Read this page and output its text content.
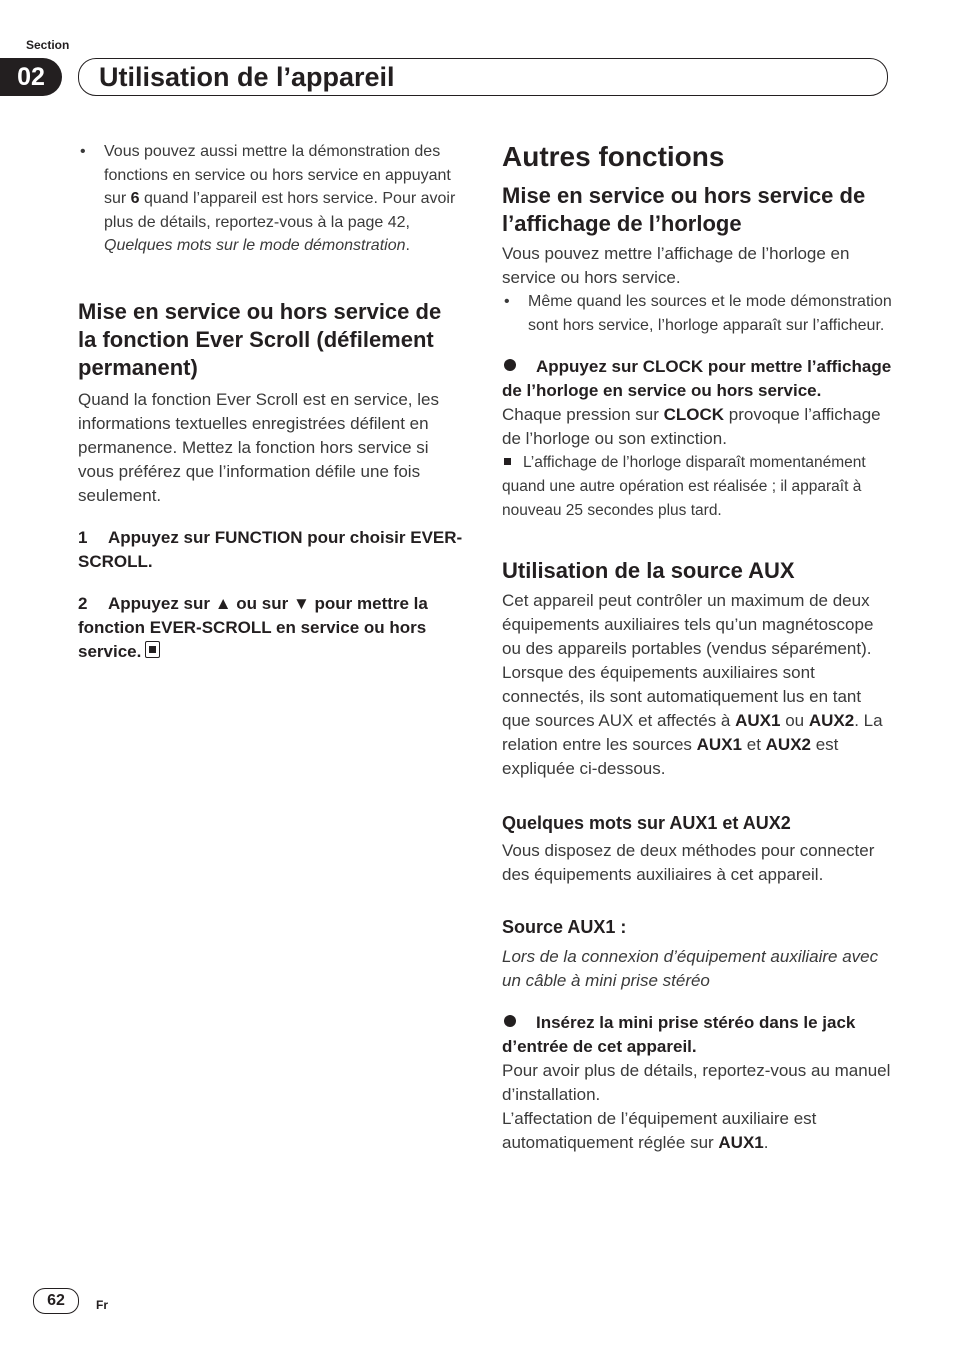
Section
02	Utilisation de l’appareil
• Vous pouvez aussi mettre la démonstration des fonctions en service ou hors service en appuyant sur 6 quand l’appareil est hors service. Pour avoir plus de détails, reportez-vous à la page 42, Quelques mots sur le mode démonstration.
Mise en service ou hors service de la fonction Ever Scroll (défilement permanent)

Quand la fonction Ever Scroll est en service, les informations textuelles enregistrées défilent en permanence. Mettez la fonction hors service si vous préférez que l’information défile une fois seulement.

1 Appuyez sur FUNCTION pour choisir EVER-SCROLL.
2 Appuyez sur ▲ ou sur ▼ pour mettre la fonction EVER-SCROLL en service ou hors service.
Autres fonctions
Mise en service ou hors service de l’affichage de l’horloge

Vous pouvez mettre l’affichage de l’horloge en service ou hors service.

• Même quand les sources et le mode démonstration sont hors service, l’horloge apparaît sur l’afficheur.
Appuyez sur CLOCK pour mettre l’affichage de l’horloge en service ou hors service.

Chaque pression sur CLOCK provoque l’affichage de l’horloge ou son extinction.

L’affichage de l’horloge disparaît momentanément quand une autre opération est réalisée ; il apparaît à nouveau 25 secondes plus tard.
Utilisation de la source AUX

Cet appareil peut contrôler un maximum de deux équipements auxiliaires tels qu’un magnétoscope ou des appareils portables (vendus séparément). Lorsque des équipements auxiliaires sont connectés, ils sont automatiquement lus en tant que sources AUX et affectés à AUX1 ou AUX2. La relation entre les sources AUX1 et AUX2 est expliquée ci-dessous.

Quelques mots sur AUX1 et AUX2

Vous disposez de deux méthodes pour connecter des équipements auxiliaires à cet appareil.

Source AUX1 :

Lors de la connexion d’équipement auxiliaire avec un câble à mini prise stéréo

Insérez la mini prise stéréo dans le jack d’entrée de cet appareil.

Pour avoir plus de détails, reportez-vous au manuel d’installation.

L’affectation de l’équipement auxiliaire est automatiquement réglée sur AUX1.

62	Fr
